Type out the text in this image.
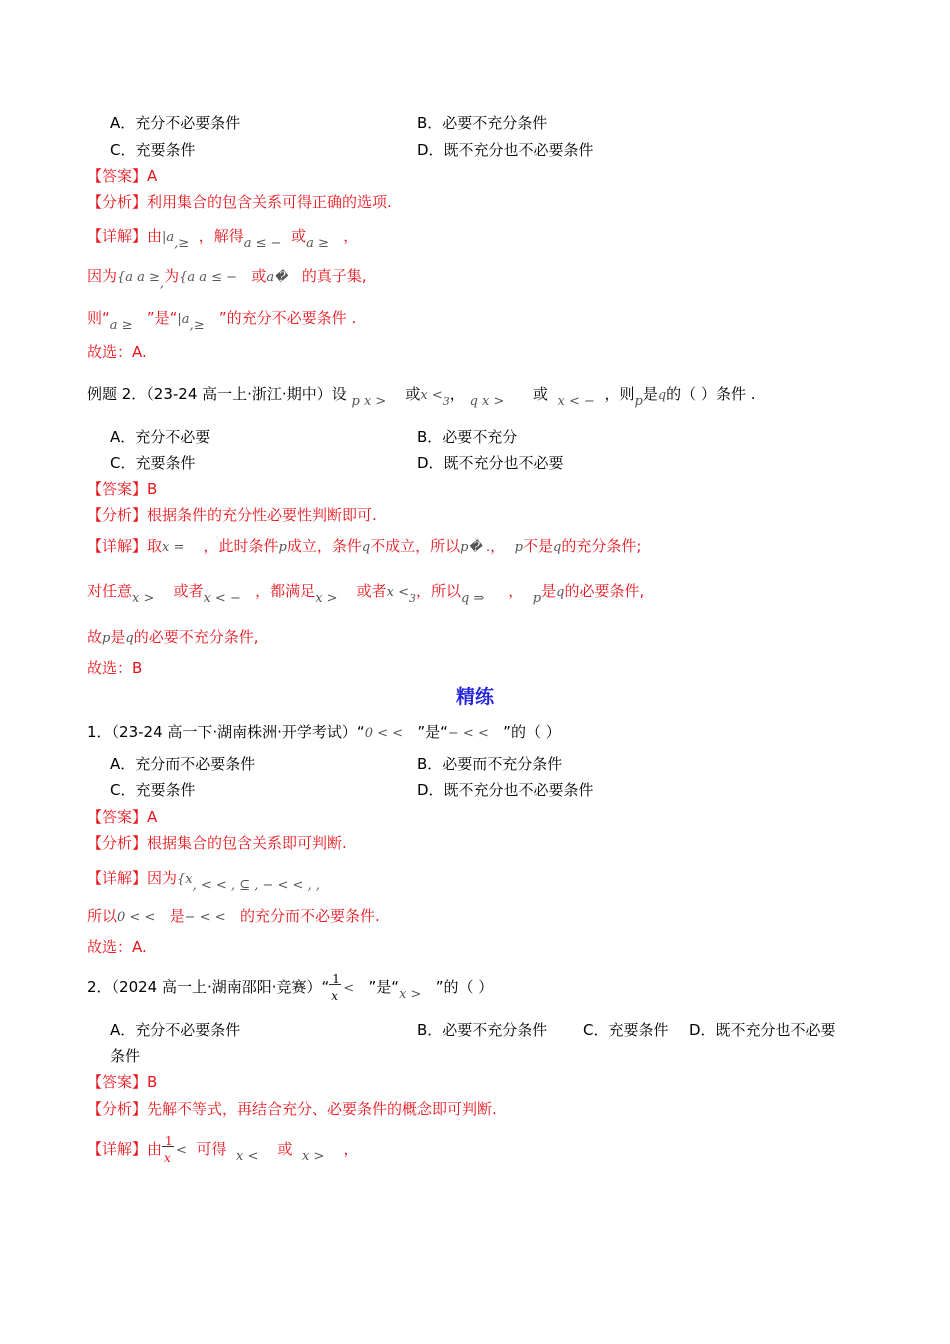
A．充分不必要条件	B．必要不充分条件
C．充要条件	D．既不充分也不必要条件
【答案】A
【分析】利用集合的包含关系可得正确的选项.
【详解】由|a,≥ ，解得a ≤ − 或a ≥ ，
因为{a a ≥,为{a a ≤ − 或a� 的真子集,
则“a ≥ ”是“|a,≥ ”的充分不必要条件 .
故选：A.
例题 2．（23-24 高一上·浙江·期中）设 p x > 或$x <_3$， q x > 或 x < − ，则p是q的（ ）条件 .
A．充分不必要	B．必要不充分
C．充要条件	D．既不充分也不必要
【答案】B
【分析】根据条件的充分性必要性判断即可.
【详解】取x = ，此时条件p成立，条件q不成立，所以p� .， p不是q的充分条件;
对任意x > 或者x < − ，都满足x > 或者$x <_3$，所以q ⇒ ， p是q的必要条件,
故p是q的必要不充分条件,
故选：B
精练
1．（23-24 高一下·湖南株洲·开学考试）“0 < < ”是“− < < ”的（ ）
A．充分而不必要条件	B．必要而不充分条件
C．充要条件	D．既不充分也不必要条件
【答案】A
【分析】根据集合的包含关系即可判断.
【详解】因为{x, < < , ⊆ , − < < , ,
所以0 < < 是− < < 的充分而不必要条件.
故选：A.
2．（2024 高一上·湖南邵阳·竞赛）“ $\frac{1}{x}$ < ”是“x > ”的（ ）
A．充分不必要条件	B．必要不充分条件 C．充要条件 D．既不充分也不必要
条件
【答案】B
【分析】先解不等式，再结合充分、必要条件的概念即可判断.
【详解】由 $\frac{1}{x}$ < 可得 x < 或 x > ，
